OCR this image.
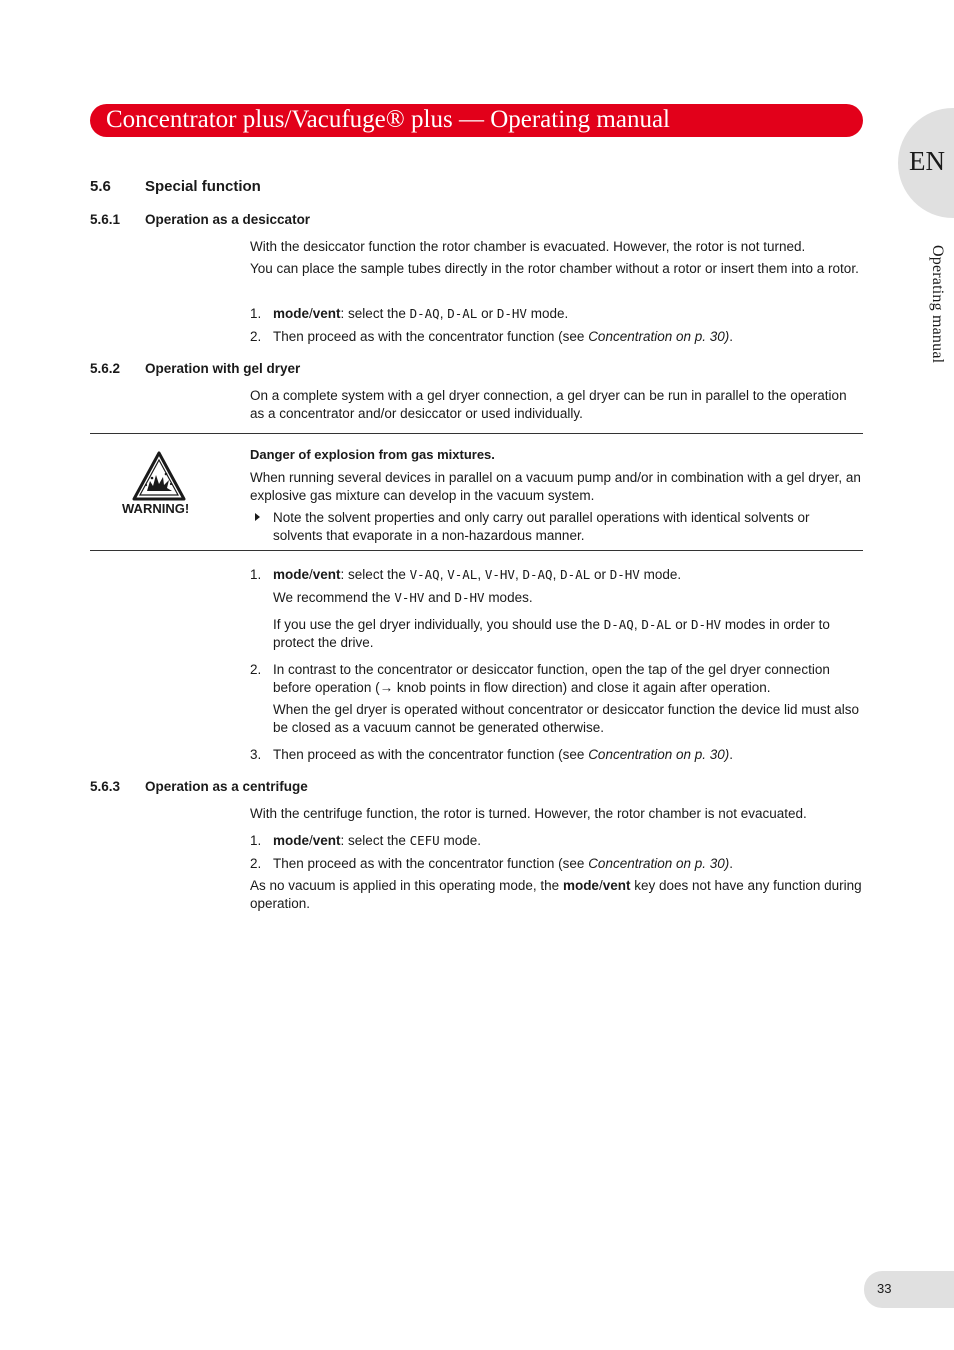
Concentrator plus/Vacufuge® plus — Operating manual
EN
Operating manual
5.6 Special function
5.6.1 Operation as a desiccator
With the desiccator function the rotor chamber is evacuated. However, the rotor is not turned.
You can place the sample tubes directly in the rotor chamber without a rotor or insert them into a rotor.
1. mode/vent: select the D-AQ, D-AL or D-HV mode.
2. Then proceed as with the concentrator function (see Concentration on p. 30).
5.6.2 Operation with gel dryer
On a complete system with a gel dryer connection, a gel dryer can be run in parallel to the operation as a concentrator and/or desiccator or used individually.
WARNING!
Danger of explosion from gas mixtures.
When running several devices in parallel on a vacuum pump and/or in combination with a gel dryer, an explosive gas mixture can develop in the vacuum system.
Note the solvent properties and only carry out parallel operations with identical solvents or solvents that evaporate in a non-hazardous manner.
1. mode/vent: select the V-AQ, V-AL, V-HV, D-AQ, D-AL or D-HV mode.
We recommend the V-HV and D-HV modes.
If you use the gel dryer individually, you should use the D-AQ, D-AL or D-HV modes in order to protect the drive.
2. In contrast to the concentrator or desiccator function, open the tap of the gel dryer connection before operation (→ knob points in flow direction) and close it again after operation.
When the gel dryer is operated without concentrator or desiccator function the device lid must also be closed as a vacuum cannot be generated otherwise.
3. Then proceed as with the concentrator function (see Concentration on p. 30).
5.6.3 Operation as a centrifuge
With the centrifuge function, the rotor is turned. However, the rotor chamber is not evacuated.
1. mode/vent: select the CEFU mode.
2. Then proceed as with the concentrator function (see Concentration on p. 30).
As no vacuum is applied in this operating mode, the mode/vent key does not have any function during operation.
33
